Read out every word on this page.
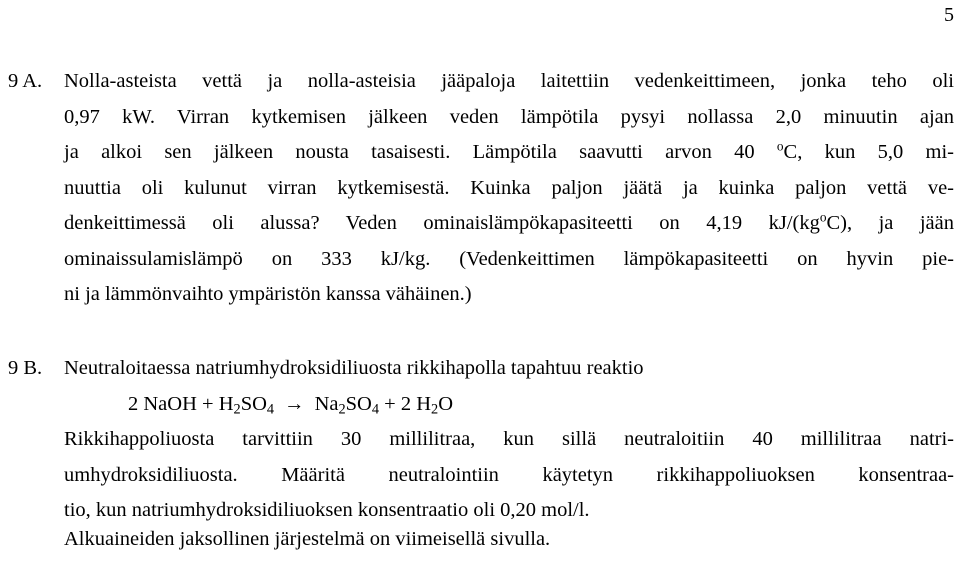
5
9 A.	Nolla-asteista vettä ja nolla-asteisia jääpaloja laitettiin vedenkeittimeen, jonka teho oli
0,97 kW. Virran kytkemisen jälkeen veden lämpötila pysyi nollassa 2,0 minuutin ajan
ja alkoi sen jälkeen nousta tasaisesti. Lämpötila saavutti arvon 40 $^o$C, kun 5,0 mi-
nuuttia oli kulunut virran kytkemisestä. Kuinka paljon jäätä ja kuinka paljon vettä ve-
denkeittimessä oli alussa? Veden ominaislämpökapasiteetti on 4,19 $kJ/(kg^oC)$, ja jään
ominaissulamislämpö on 333 kJ/kg. (Vedenkeittimen lämpökapasiteetti on hyvin pie-
ni ja lämmönvaihto ympäristön kanssa vähäinen.)
9 B.	Neutraloitaessa natriumhydroksidiliuosta rikkihapolla tapahtuu reaktio
2 NaOH + $H_2SO_4 \to Na_2SO_4 + 2$ $H_2O$
Rikkihappoliuosta tarvittiin 30 millilitraa, kun sillä neutraloitiin 40 millilitraa natri-
umhydroksidiliuosta. Määritä neutralointiin käytetyn rikkihappoliuoksen konsentraa-
tio, kun natriumhydroksidiliuoksen konsentraatio oli 0,20 mol/l.
Alkuaineiden jaksollinen järjestelmä on viimeisellä sivulla.
